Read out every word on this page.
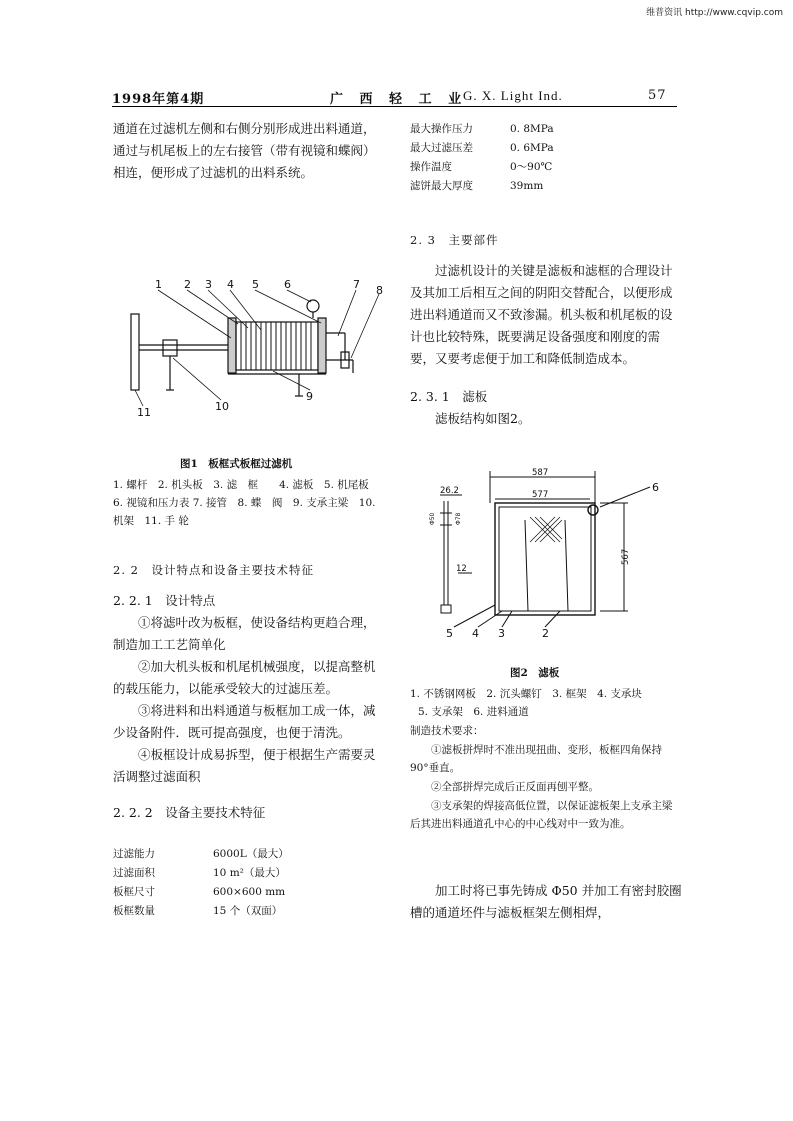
维普资讯 http://www.cqvip.com
1998年第4期	广 西 轻 工 业
G. X. Light Ind.	57

通道在过滤机左侧和右侧分别形成进出料通道，通过与机尾板上的左右接管（带有视镜和蝶阀）相连，便形成了过滤机的出料系统。

1 2 3 4 5 6	7 8
9
10
11
图1　板框式板框过滤机
1. 螺杆　2. 机头板　3. 滤　框　　4. 滤板　5. 机尾板　6. 视镜和压力表 7. 接管　8. 蝶　阀　9. 支承主梁　10. 机架　11. 手 轮
2. 2　设计特点和设备主要技术特征
2. 2. 1　设计特点

①将滤叶改为板框，使设备结构更趋合理，制造加工工艺简单化

②加大机头板和机尾机械强度，以提高整机的载压能力，以能承受较大的过滤压差。

③将进料和出料通道与板框加工成一体，减少设备附件．既可提高强度，也便于清洗。

④板框设计成易拆型，便于根据生产需要灵活调整过滤面积

2. 2. 2　设备主要技术特征
过滤能力	6000L（最大）
过滤面积	10 m²（最大）
板框尺寸	600×600 mm
板框数量	15 个（双面）
最大操作压力	0. 8MPa
最大过滤压差	0. 6MPa
操作温度	0～90℃
滤饼最大厚度	39mm
2. 3　主要部件

过滤机设计的关键是滤板和滤框的合理设计及其加工后相互之间的阴阳交替配合，以便形成进出料通道而又不致渗漏。机头板和机尾板的设计也比较特殊，既要满足设备强度和刚度的需要，又要考虑便于加工和降低制造成本。

2. 3. 1　滤板
滤板结构如图2。
587
577
26.2
567
12
Φ50	Φ78
5 4 3	2
6
图2　滤板
1. 不锈钢网板　2. 沉头螺钉　3. 框架　4. 支承块
5. 支承架　6. 进料通道
制造技术要求：

①滤板拼焊时不准出现扭曲、变形，板框四角保持 90°垂直。

②全部拼焊完成后正反面再刨平整。

③支承架的焊接高低位置，以保证滤板架上支承主梁后其进出料通道孔中心的中心线对中一致为准。

加工时将已事先铸成 Φ50 并加工有密封胶圈槽的通道坯件与滤板框架左侧相焊，
